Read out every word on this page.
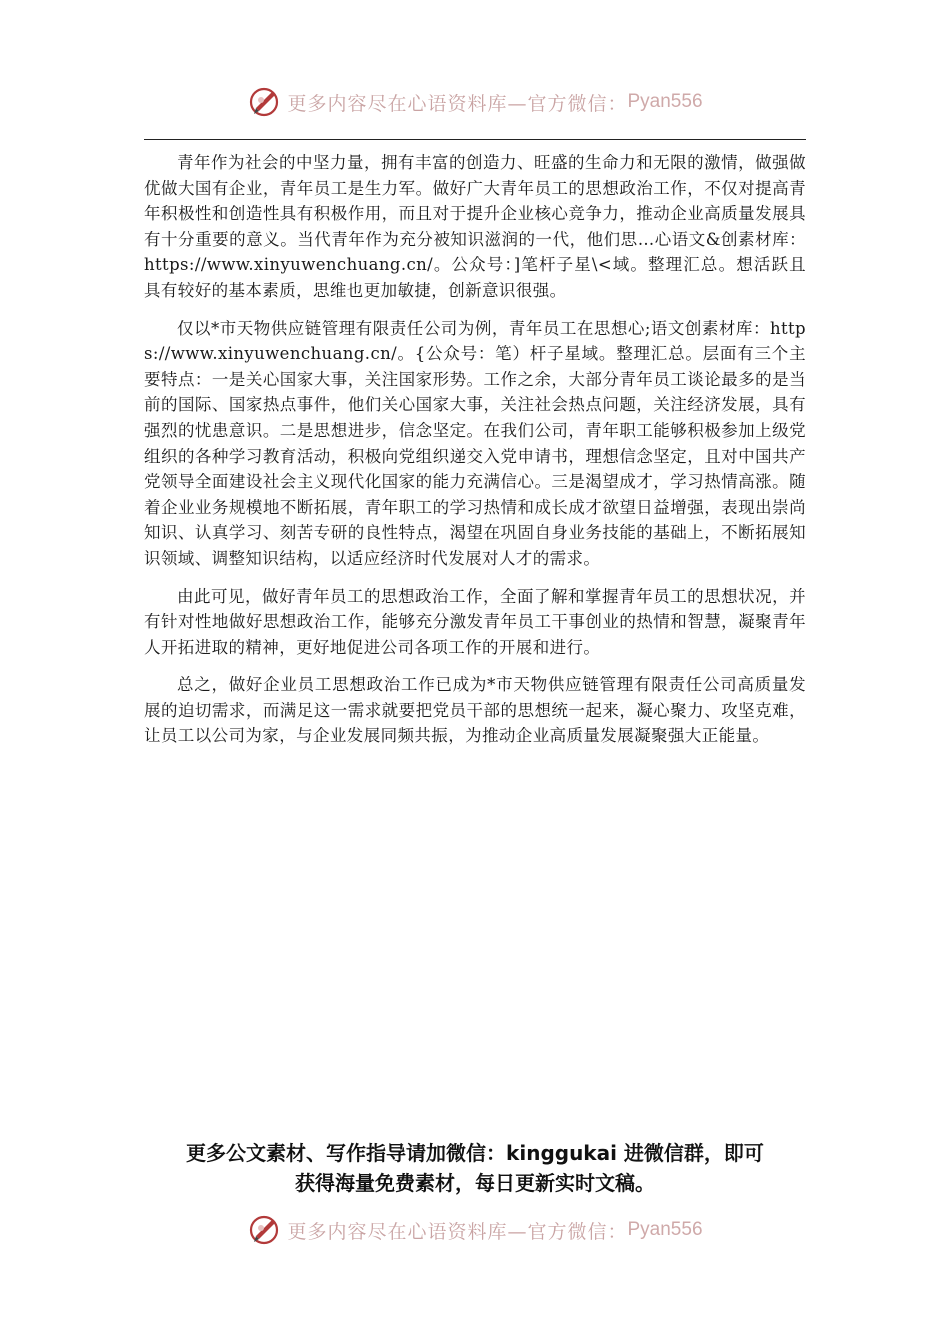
更多内容尽在心语资料库—官方微信： Pyan556

青年作为社会的中坚力量，拥有丰富的创造力、旺盛的生命力和无限的激情，做强做优做大国有企业，青年员工是生力军。做好广大青年员工的思想政治工作，不仅对提高青年积极性和创造性具有积极作用，而且对于提升企业核心竞争力，推动企业高质量发展具有十分重要的意义。当代青年作为充分被知识滋润的一代，他们思…心语文&创素材库：https://www.xinyuwenchuang.cn/。公众号：]笔杆子星\<域。整理汇总。想活跃且具有较好的基本素质，思维也更加敏捷，创新意识很强。

仅以*市天物供应链管理有限责任公司为例，青年员工在思想心;语文创素材库：https://www.xinyuwenchuang.cn/。{公众号：笔）杆子星域。整理汇总。层面有三个主要特点：一是关心国家大事，关注国家形势。工作之余，大部分青年员工谈论最多的是当前的国际、国家热点事件，他们关心国家大事，关注社会热点问题，关注经济发展，具有强烈的忧患意识。二是思想进步，信念坚定。在我们公司，青年职工能够积极参加上级党组织的各种学习教育活动，积极向党组织递交入党申请书，理想信念坚定，且对中国共产党领导全面建设社会主义现代化国家的能力充满信心。三是渴望成才，学习热情高涨。随着企业业务规模地不断拓展，青年职工的学习热情和成长成才欲望日益增强，表现出崇尚知识、认真学习、刻苦专研的良性特点，渴望在巩固自身业务技能的基础上，不断拓展知识领域、调整知识结构，以适应经济时代发展对人才的需求。

由此可见，做好青年员工的思想政治工作，全面了解和掌握青年员工的思想状况，并有针对性地做好思想政治工作，能够充分激发青年员工干事创业的热情和智慧，凝聚青年人开拓进取的精神，更好地促进公司各项工作的开展和进行。

总之，做好企业员工思想政治工作已成为*市天物供应链管理有限责任公司高质量发展的迫切需求，而满足这一需求就要把党员干部的思想统一起来，凝心聚力、攻坚克难，让员工以公司为家，与企业发展同频共振，为推动企业高质量发展凝聚强大正能量。

更多公文素材、写作指导请加微信：kinggukai 进微信群，即可
获得海量免费素材，每日更新实时文稿。
更多内容尽在心语资料库—官方微信： Pyan556
